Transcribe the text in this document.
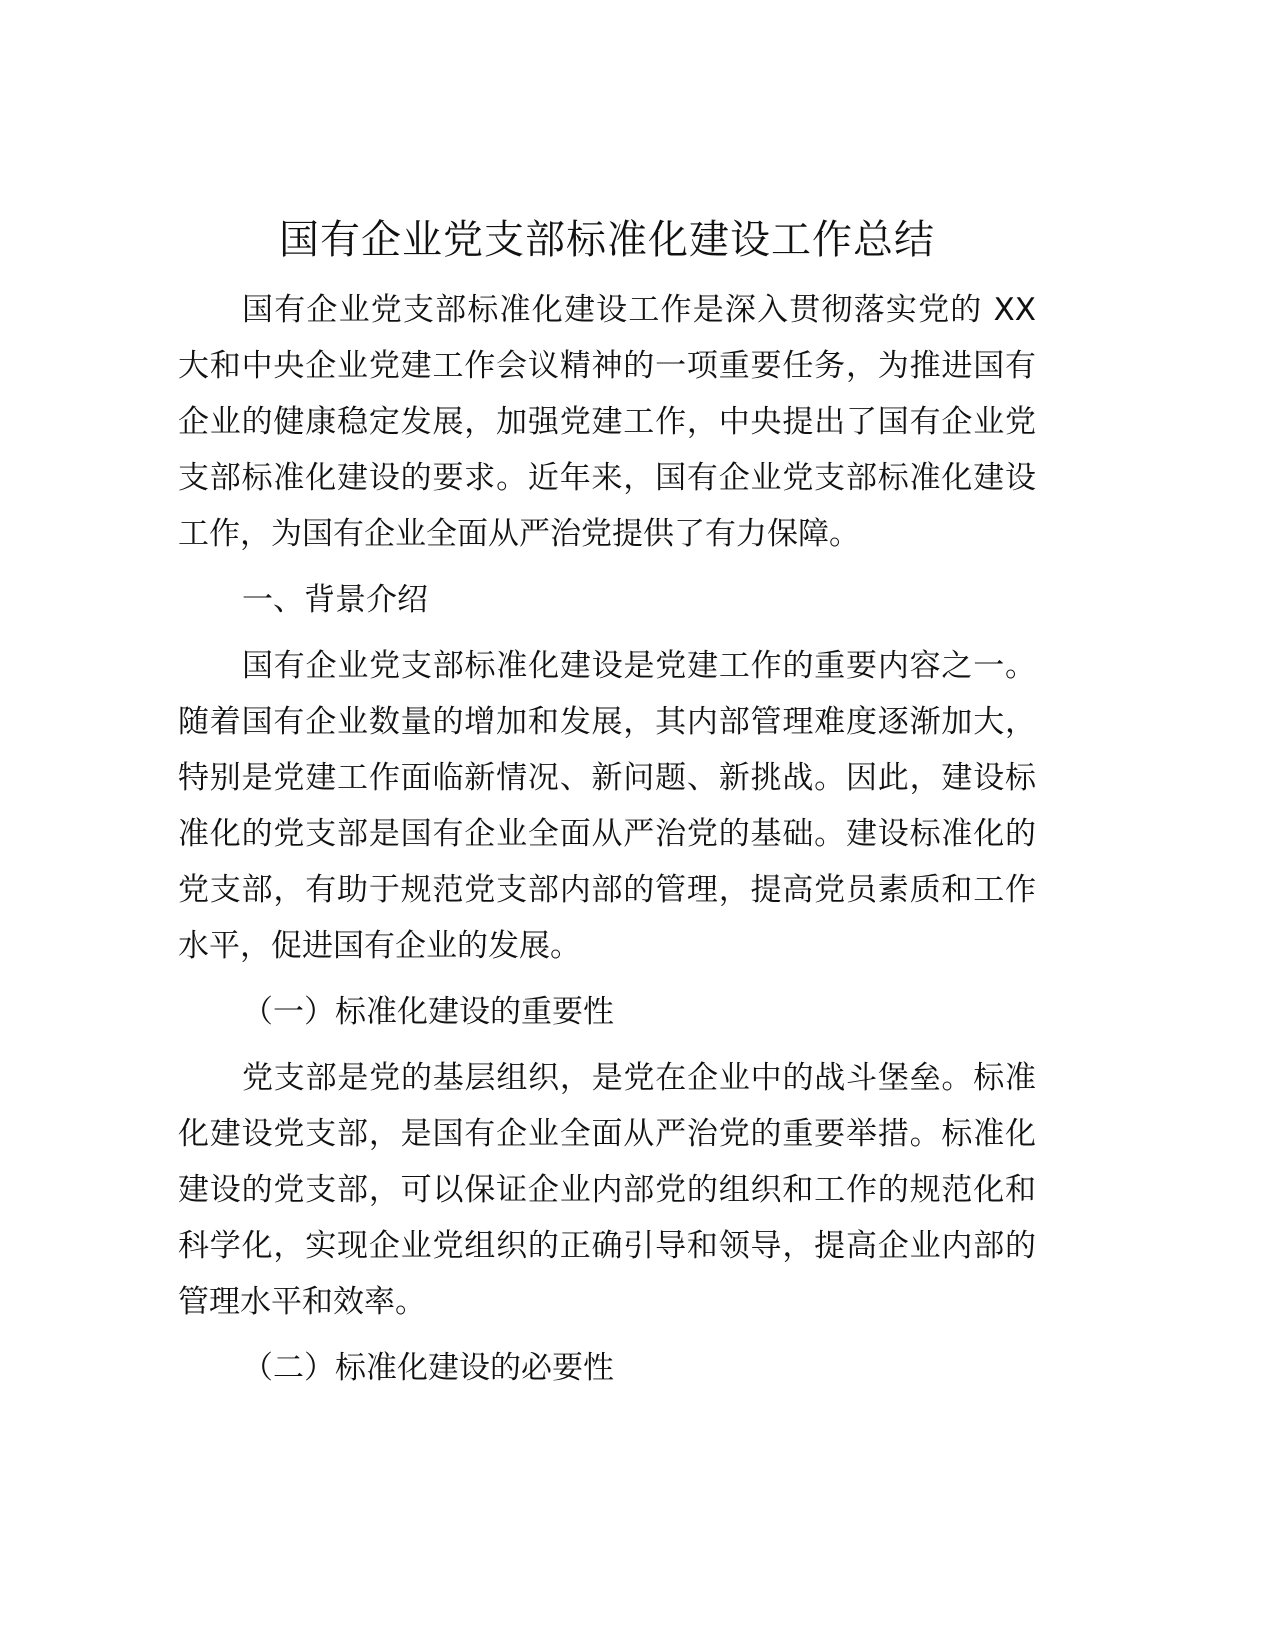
国有企业党支部标准化建设工作总结
国有企业党支部标准化建设工作是深入贯彻落实党的 XX
大和中央企业党建工作会议精神的一项重要任务，为推进国有
企业的健康稳定发展，加强党建工作，中央提出了国有企业党
支部标准化建设的要求。近年来，国有企业党支部标准化建设
工作，为国有企业全面从严治党提供了有力保障。
一、背景介绍
国有企业党支部标准化建设是党建工作的重要内容之一。
随着国有企业数量的增加和发展，其内部管理难度逐渐加大，
特别是党建工作面临新情况、新问题、新挑战。因此，建设标
准化的党支部是国有企业全面从严治党的基础。建设标准化的
党支部，有助于规范党支部内部的管理，提高党员素质和工作
水平，促进国有企业的发展。
（一）标准化建设的重要性
党支部是党的基层组织，是党在企业中的战斗堡垒。标准
化建设党支部，是国有企业全面从严治党的重要举措。标准化
建设的党支部，可以保证企业内部党的组织和工作的规范化和
科学化，实现企业党组织的正确引导和领导，提高企业内部的
管理水平和效率。
（二）标准化建设的必要性
